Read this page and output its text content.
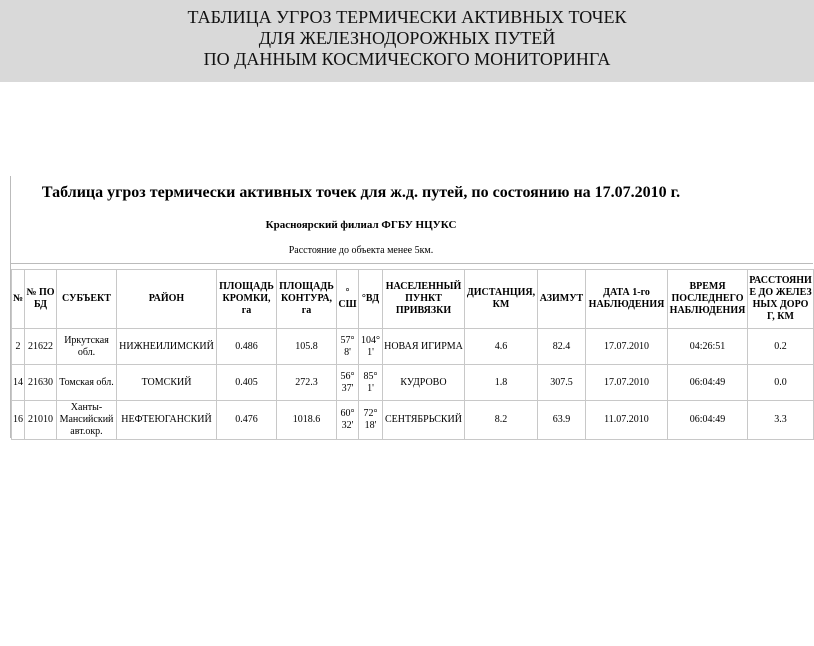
ТАБЛИЦА УГРОЗ ТЕРМИЧЕСКИ АКТИВНЫХ ТОЧЕК
ДЛЯ ЖЕЛЕЗНОДОРОЖНЫХ ПУТЕЙ
ПО ДАННЫМ КОСМИЧЕСКОГО МОНИТОРИНГА
Таблица угроз термически активных точек для ж.д. путей, по состоянию на 17.07.2010 г.
Красноярский филиал ФГБУ НЦУКС
Расстояние до объекта менее 5км.
№	№ ПО БД	СУБЪЕКТ	РАЙОН	ПЛОЩАДЬ КРОМКИ, га	ПЛОЩАДЬ КОНТУРА, га	° СШ	°ВД	НАСЕЛЕННЫЙ ПУНКТ ПРИВЯЗКИ	ДИСТАНЦИЯ, КМ	АЗИМУТ	ДАТА 1-го НАБЛЮДЕНИЯ	ВРЕМЯ ПОСЛЕДНЕГО НАБЛЮДЕНИЯ	РАССТОЯНИЕ ДО ЖЕЛЕЗНЫХ ДОРОГ, КМ
2	21622	Иркутская обл.	НИЖНЕИЛИМСКИЙ	0.486	105.8	57° 8'	104° 1'	НОВАЯ ИГИРМА	4.6	82.4	17.07.2010	04:26:51	0.2
14	21630	Томская обл.	ТОМСКИЙ	0.405	272.3	56° 37'	85° 1'	КУДРОВО	1.8	307.5	17.07.2010	06:04:49	0.0
16	21010	Ханты-Мансийский авт.окр.	НЕФТЕЮГАНСКИЙ	0.476	1018.6	60° 32'	72° 18'	СЕНТЯБРЬСКИЙ	8.2	63.9	11.07.2010	06:04:49	3.3
